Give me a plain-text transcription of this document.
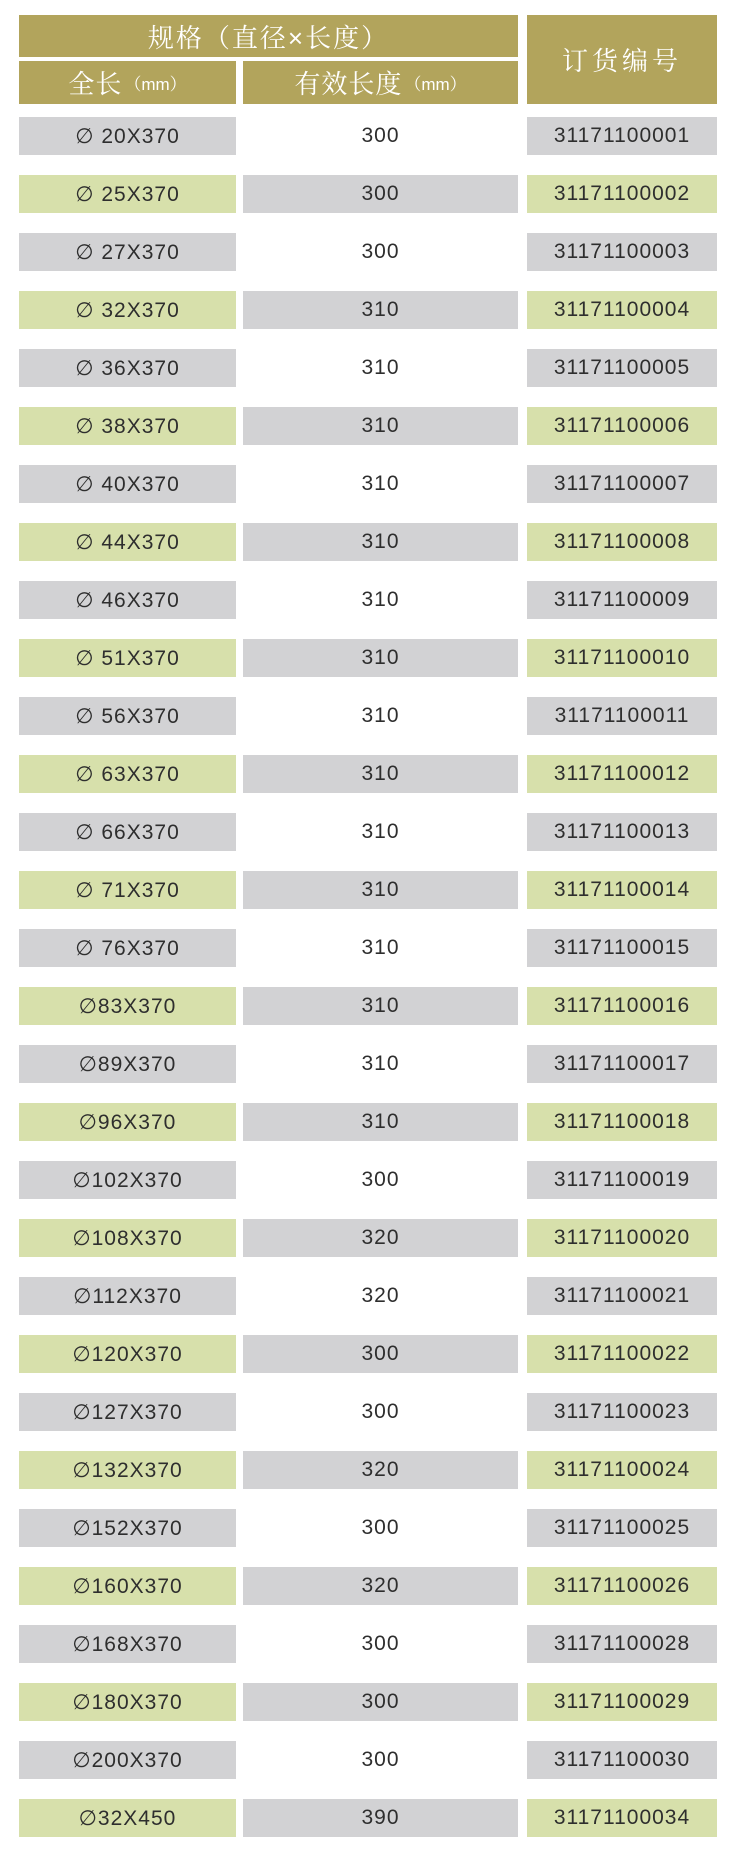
规格（直径×长度）
订货编号
全长 （mm）	有效长度 （mm）
∅ 20X370	300	31171100001
∅ 25X370	300	31171100002
∅ 27X370	300	31171100003
∅ 32X370	310	31171100004
∅ 36X370	310	31171100005
∅ 38X370	310	31171100006
∅ 40X370	310	31171100007
∅ 44X370	310	31171100008
∅ 46X370	310	31171100009
∅ 51X370	310	31171100010
∅ 56X370	310	31171100011
∅ 63X370	310	31171100012
∅ 66X370	310	31171100013
∅ 71X370	310	31171100014
∅ 76X370	310	31171100015
∅83X370	310	31171100016
∅89X370	310	31171100017
∅96X370	310	31171100018
∅102X370	300	31171100019
∅108X370	320	31171100020
∅112X370	320	31171100021
∅120X370	300	31171100022
∅127X370	300	31171100023
∅132X370	320	31171100024
∅152X370	300	31171100025
∅160X370	320	31171100026
∅168X370	300	31171100028
∅180X370	300	31171100029
∅200X370	300	31171100030
∅32X450	390	31171100034
